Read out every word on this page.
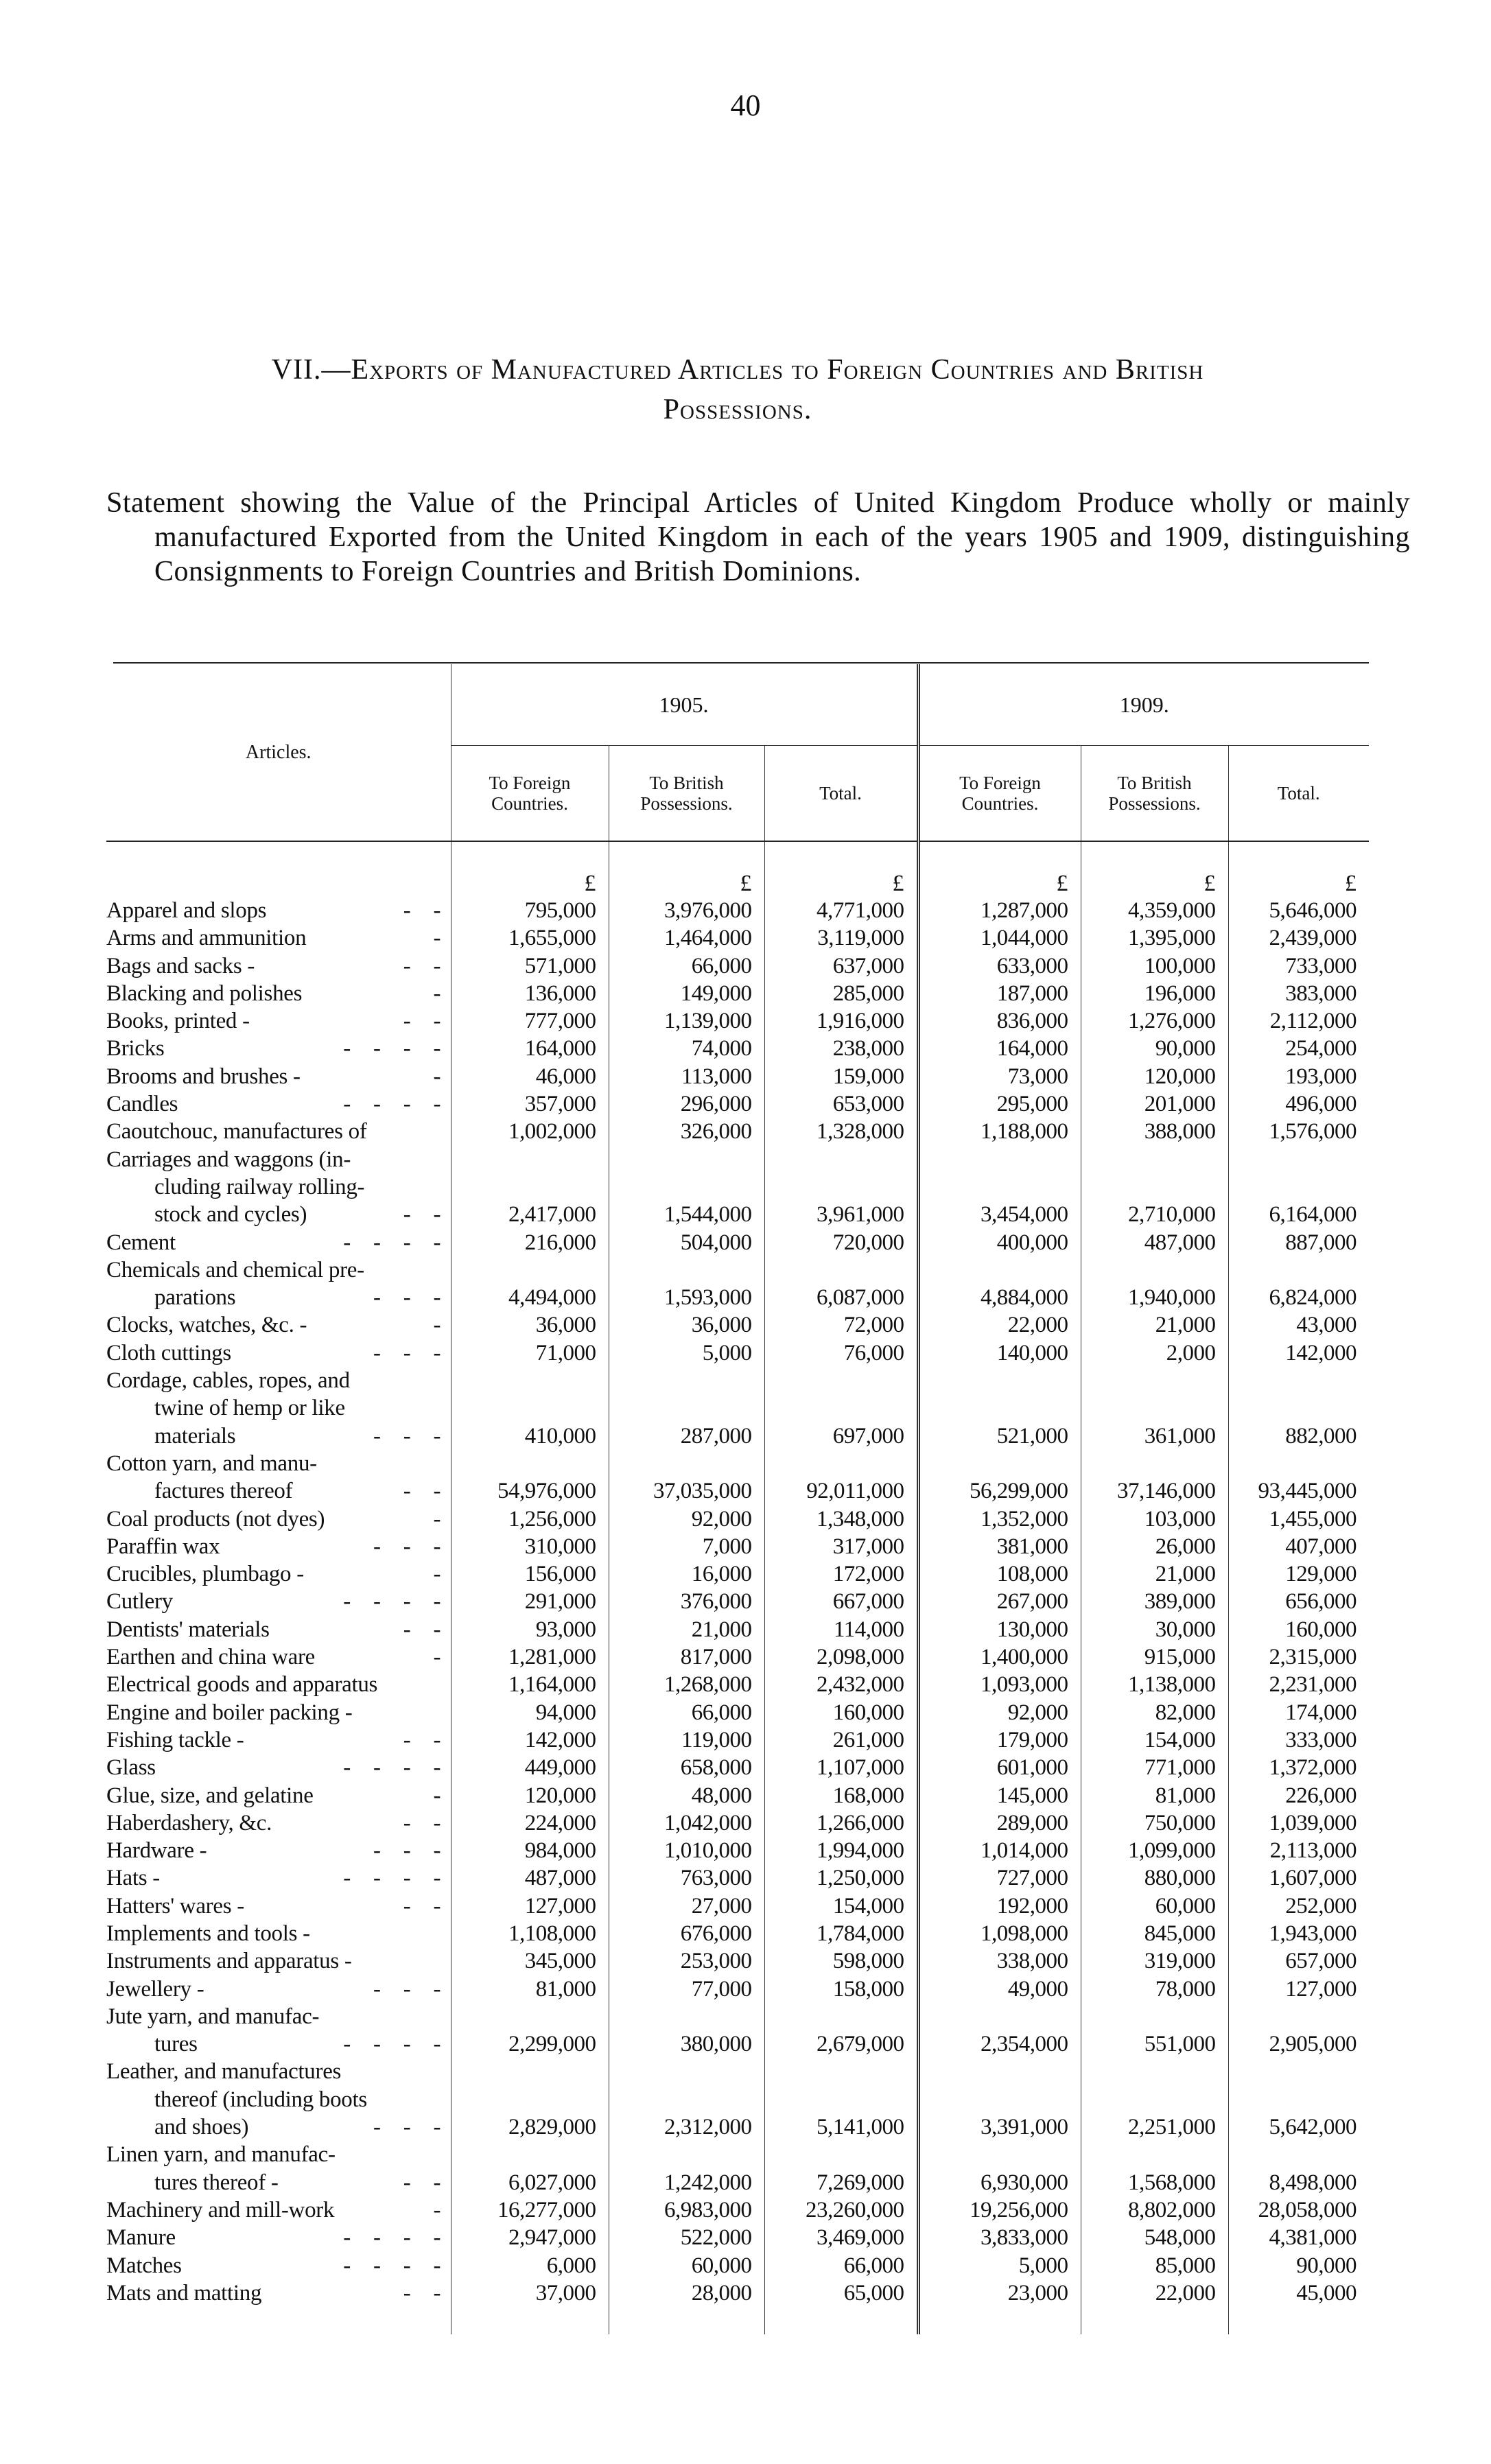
40
VII.—Exports of Manufactured Articles to Foreign Countries and British
Possessions.
Statement showing the Value of the Principal Articles of United Kingdom Produce wholly or mainly manufactured Exported from the United Kingdom in each of the years 1905 and 1909, distinguishing Consignments to Foreign Countries and British Dominions.
Articles.	1905.			1909.		
	To Foreign Countries.	To British Possessions.	Total.	To Foreign Countries.	To British Possessions.	Total.
	£	£	£	£	£	£

Apparel and slops -   -	795,000	3,976,000	4,771,000	1,287,000	4,359,000	5,646,000

Arms and ammunition -	1,655,000	1,464,000	3,119,000	1,044,000	1,395,000	2,439,000

Bags and sacks - -   -	571,000	66,000	637,000	633,000	100,000	733,000

Blacking and polishes -	136,000	149,000	285,000	187,000	196,000	383,000

Books, printed - -   -	777,000	1,139,000	1,916,000	836,000	1,276,000	2,112,000

Bricks -   -   -   -	164,000	74,000	238,000	164,000	90,000	254,000

Brooms and brushes - -	46,000	113,000	159,000	73,000	120,000	193,000

Candles -   -   -   -	357,000	296,000	653,000	295,000	201,000	496,000

Caoutchouc, manufactures of	1,002,000	326,000	1,328,000	1,188,000	388,000	1,576,000

Carriages and waggons (in-
cluding railway rolling-
stock and cycles) -   -	2,417,000	1,544,000	3,961,000	3,454,000	2,710,000	6,164,000

Cement -   -   -   -	216,000	504,000	720,000	400,000	487,000	887,000

Chemicals and chemical pre-
parations -   -   -	4,494,000	1,593,000	6,087,000	4,884,000	1,940,000	6,824,000

Clocks, watches, &c. - -	36,000	36,000	72,000	22,000	21,000	43,000

Cloth cuttings -   -   -	71,000	5,000	76,000	140,000	2,000	142,000

Cordage, cables, ropes, and
twine of hemp or like
materials -   -   -	410,000	287,000	697,000	521,000	361,000	882,000

Cotton yarn, and manu-
factures thereof -   -	54,976,000	37,035,000	92,011,000	56,299,000	37,146,000	93,445,000

Coal products (not dyes) -	1,256,000	92,000	1,348,000	1,352,000	103,000	1,455,000

Paraffin wax -   -   -	310,000	7,000	317,000	381,000	26,000	407,000

Crucibles, plumbago - -	156,000	16,000	172,000	108,000	21,000	129,000

Cutlery -   -   -   -	291,000	376,000	667,000	267,000	389,000	656,000

Dentists' materials -   -	93,000	21,000	114,000	130,000	30,000	160,000

Earthen and china ware -	1,281,000	817,000	2,098,000	1,400,000	915,000	2,315,000

Electrical goods and apparatus	1,164,000	1,268,000	2,432,000	1,093,000	1,138,000	2,231,000

Engine and boiler packing -	94,000	66,000	160,000	92,000	82,000	174,000

Fishing tackle - -   -	142,000	119,000	261,000	179,000	154,000	333,000

Glass -   -   -   -	449,000	658,000	1,107,000	601,000	771,000	1,372,000

Glue, size, and gelatine -	120,000	48,000	168,000	145,000	81,000	226,000

Haberdashery, &c. -   -	224,000	1,042,000	1,266,000	289,000	750,000	1,039,000

Hardware - -   -   -	984,000	1,010,000	1,994,000	1,014,000	1,099,000	2,113,000

Hats - -   -   -   -	487,000	763,000	1,250,000	727,000	880,000	1,607,000

Hatters' wares - -   -	127,000	27,000	154,000	192,000	60,000	252,000

Implements and tools -	1,108,000	676,000	1,784,000	1,098,000	845,000	1,943,000

Instruments and apparatus -	345,000	253,000	598,000	338,000	319,000	657,000

Jewellery - -   -   -	81,000	77,000	158,000	49,000	78,000	127,000

Jute yarn, and manufac-
tures -   -   -   -	2,299,000	380,000	2,679,000	2,354,000	551,000	2,905,000

Leather, and manufactures
thereof (including boots
and shoes) -   -   -	2,829,000	2,312,000	5,141,000	3,391,000	2,251,000	5,642,000

Linen yarn, and manufac-
tures thereof - -   -	6,027,000	1,242,000	7,269,000	6,930,000	1,568,000	8,498,000

Machinery and mill-work -	16,277,000	6,983,000	23,260,000	19,256,000	8,802,000	28,058,000

Manure -   -   -   -	2,947,000	522,000	3,469,000	3,833,000	548,000	4,381,000

Matches -   -   -   -	6,000	60,000	66,000	5,000	85,000	90,000

Mats and matting -   -	37,000	28,000	65,000	23,000	22,000	45,000
